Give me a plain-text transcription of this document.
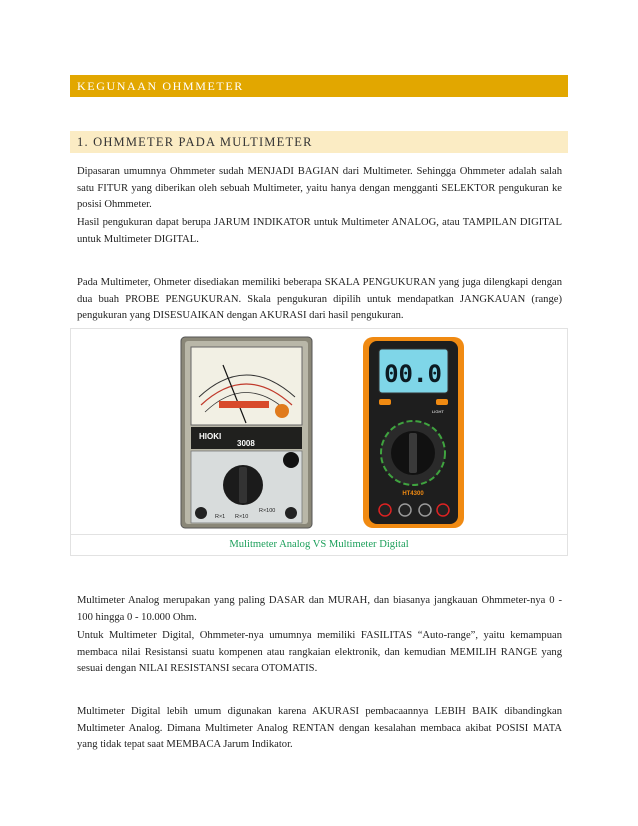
KEGUNAAN OHMMETER
1. OHMMETER PADA MULTIMETER

Dipasaran umumnya Ohmmeter sudah MENJADI BAGIAN dari Multimeter. Sehingga Ohmmeter adalah salah satu FITUR yang diberikan oleh sebuah Multimeter, yaitu hanya dengan mengganti SELEKTOR pengukuran ke posisi Ohmmeter.

Hasil pengukuran dapat berupa JARUM INDIKATOR untuk Multimeter ANALOG, atau TAMPILAN DIGITAL untuk Multimeter DIGITAL.

Pada Multimeter, Ohmeter disediakan memiliki beberapa SKALA PENGUKURAN yang juga dilengkapi dengan dua buah PROBE PENGUKURAN. Skala pengukuran dipilih untuk mendapatkan JANGKAUAN (range) pengukuran yang DISESUAIKAN dengan AKURASI dari hasil pengukuran.

HIOKI
3008
R×1 R×10
R×100
00.0
LIGHT
HT4300
Mulitmeter Analog VS Multimeter Digital

Multimeter Analog merupakan yang paling DASAR dan MURAH, dan biasanya jangkauan Ohmmeter-nya 0 - 100 hingga 0 - 10.000 Ohm.

Untuk Multimeter Digital, Ohmmeter-nya umumnya memiliki FASILITAS “Auto-range”, yaitu kemampuan membaca nilai Resistansi suatu kompenen atau rangkaian elektronik, dan kemudian MEMILIH RANGE yang sesuai dengan NILAI RESISTANSI secara OTOMATIS.

Multimeter Digital lebih umum digunakan karena AKURASI pembacaannya LEBIH BAIK dibandingkan Multimeter Analog. Dimana Multimeter Analog RENTAN dengan kesalahan membaca akibat POSISI MATA yang tidak tepat saat MEMBACA Jarum Indikator.
